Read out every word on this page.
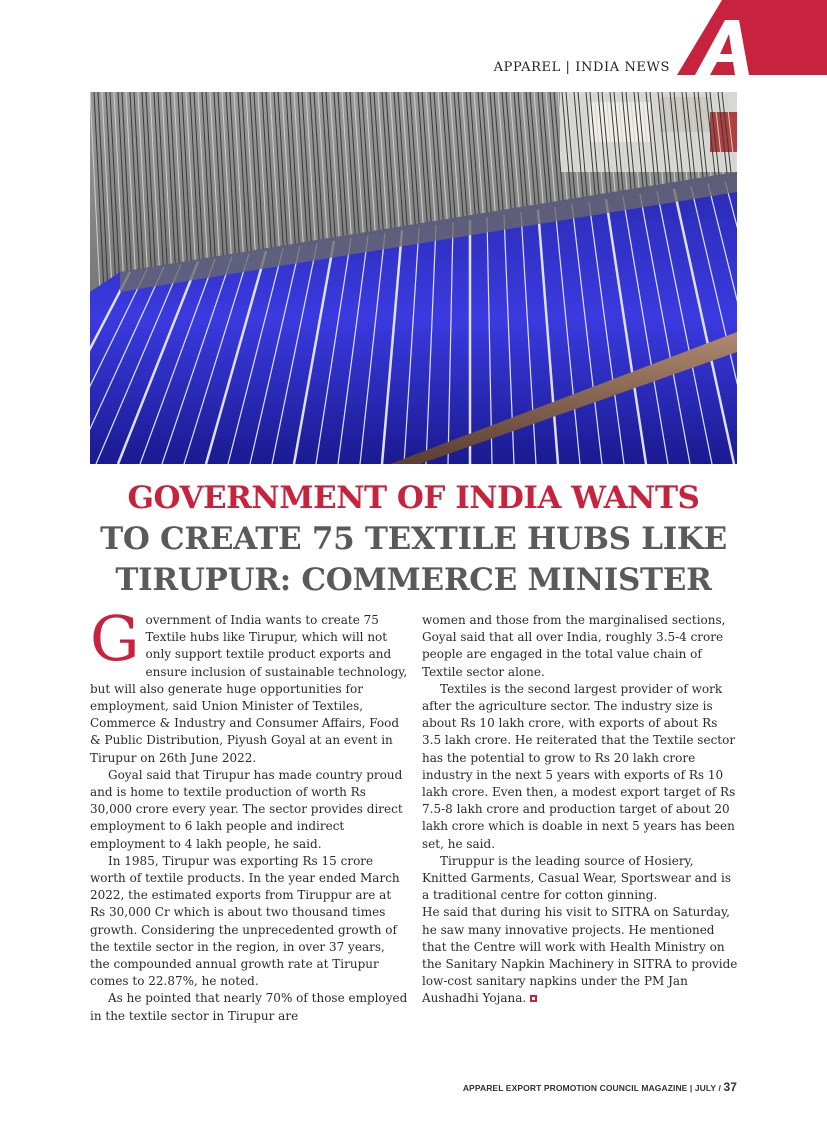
APPAREL | INDIA NEWS
GOVERNMENT OF INDIA WANTS
TO CREATE 75 TEXTILE HUBS LIKE
TIRUPUR: COMMERCE MINISTER

Government of India wants to create 75 Textile hubs like Tirupur, which will not only support textile product exports and ensure inclusion of sustainable technology, but will also generate huge opportunities for employment, said Union Minister of Textiles, Commerce & Industry and Consumer Affairs, Food & Public Distribution, Piyush Goyal at an event in Tirupur on 26th June 2022.

Goyal said that Tirupur has made country proud and is home to textile production of worth Rs 30,000 crore every year. The sector provides direct employment to 6 lakh people and indirect employment to 4 lakh people, he said.

In 1985, Tirupur was exporting Rs 15 crore worth of textile products. In the year ended March 2022, the estimated exports from Tiruppur are at Rs 30,000 Cr which is about two thousand times growth. Considering the unprecedented growth of the textile sector in the region, in over 37 years, the compounded annual growth rate at Tirupur comes to 22.87%, he noted.

As he pointed that nearly 70% of those employed in the textile sector in Tirupur are

women and those from the marginalised sections, Goyal said that all over India, roughly 3.5-4 crore people are engaged in the total value chain of Textile sector alone.

Textiles is the second largest provider of work after the agriculture sector. The industry size is about Rs 10 lakh crore, with exports of about Rs 3.5 lakh crore. He reiterated that the Textile sector has the potential to grow to Rs 20 lakh crore industry in the next 5 years with exports of Rs 10 lakh crore. Even then, a modest export target of Rs 7.5-8 lakh crore and production target of about 20 lakh crore which is doable in next 5 years has been set, he said.

Tiruppur is the leading source of Hosiery, Knitted Garments, Casual Wear, Sportswear and is a traditional centre for cotton ginning.

He said that during his visit to SITRA on Saturday, he saw many innovative projects. He mentioned that the Centre will work with Health Ministry on the Sanitary Napkin Machinery in SITRA to provide low-cost sanitary napkins under the PM Jan Aushadhi Yojana.

APPAREL EXPORT PROMOTION COUNCIL MAGAZINE | JULY / 37
